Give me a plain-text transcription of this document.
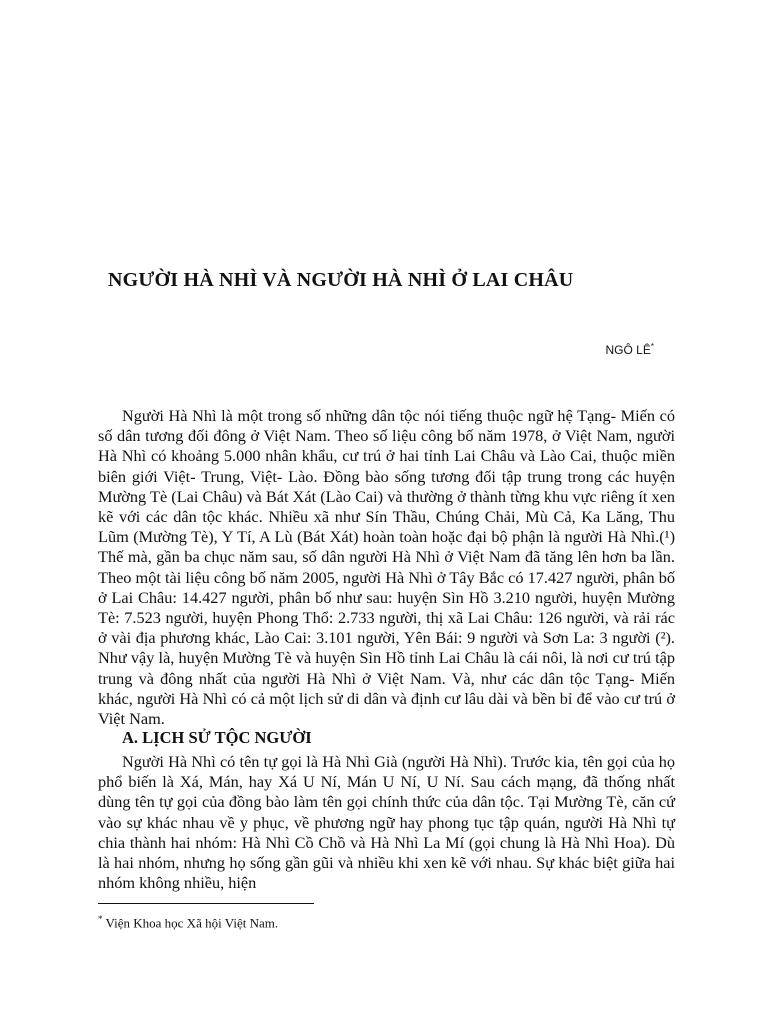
NGƯỜI HÀ NHÌ VÀ NGƯỜI HÀ NHÌ Ở LAI CHÂU

NGÔ LÊ*

Người Hà Nhì là một trong số những dân tộc nói tiếng thuộc ngữ hệ Tạng- Miến có số dân tương đối đông ở Việt Nam. Theo số liệu công bố năm 1978, ở Việt Nam, người Hà Nhì có khoảng 5.000 nhân khẩu, cư trú ở hai tỉnh Lai Châu và Lào Cai, thuộc miền biên giới Việt- Trung, Việt- Lào. Đồng bào sống tương đối tập trung trong các huyện Mường Tè (Lai Châu) và Bát Xát (Lào Cai) và thường ở thành từng khu vực riêng ít xen kẽ với các dân tộc khác. Nhiều xã như Sín Thầu, Chúng Chải, Mù Cả, Ka Lăng, Thu Lũm (Mường Tè), Y Tí, A Lù (Bát Xát) hoàn toàn hoặc đại bộ phận là người Hà Nhì.(¹) Thế mà, gần ba chục năm sau, số dân người Hà Nhì ở Việt Nam đã tăng lên hơn ba lần. Theo một tài liệu công bố năm 2005, người Hà Nhì ở Tây Bắc có 17.427 người, phân bố ở Lai Châu: 14.427 người, phân bố như sau: huyện Sìn Hồ 3.210 người, huyện Mường Tè: 7.523 người, huyện Phong Thổ: 2.733 người, thị xã Lai Châu: 126 người, và rải rác ở vài địa phương khác, Lào Cai: 3.101 người, Yên Bái: 9 người và Sơn La: 3 người (²). Như vậy là, huyện Mường Tè và huyện Sìn Hồ tỉnh Lai Châu là cái nôi, là nơi cư trú tập trung và đông nhất của người Hà Nhì ở Việt Nam. Và, như các dân tộc Tạng- Miến khác, người Hà Nhì có cả một lịch sử di dân và định cư lâu dài và bền bỉ để vào cư trú ở Việt Nam.

A. LỊCH SỬ TỘC NGƯỜI

Người Hà Nhì có tên tự gọi là Hà Nhì Già (người Hà Nhì). Trước kia, tên gọi của họ phổ biến là Xá, Mán, hay Xá U Ní, Mán U Ní, U Ní. Sau cách mạng, đã thống nhất dùng tên tự gọi của đồng bào làm tên gọi chính thức của dân tộc. Tại Mường Tè, căn cứ vào sự khác nhau về y phục, về phương ngữ hay phong tục tập quán, người Hà Nhì tự chia thành hai nhóm: Hà Nhì Cồ Chồ và Hà Nhì La Mí (gọi chung là Hà Nhì Hoa). Dù là hai nhóm, nhưng họ sống gần gũi và nhiều khi xen kẽ với nhau. Sự khác biệt giữa hai nhóm không nhiều, hiện

* Viện Khoa học Xã hội Việt Nam.
